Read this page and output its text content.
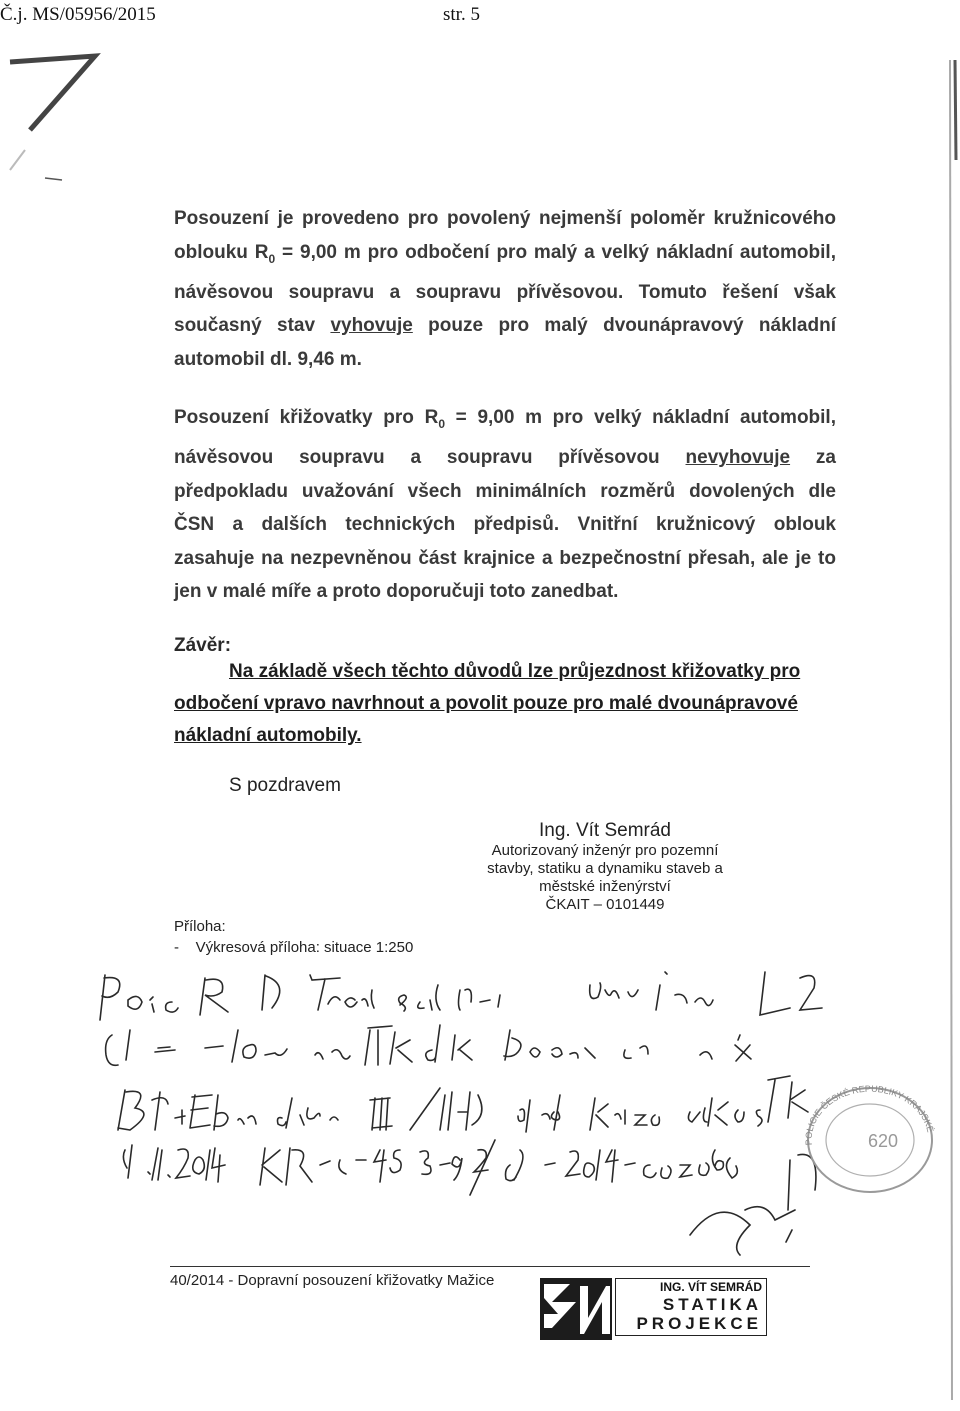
Č.j. MS/05956/2015	str. 5

Posouzení je provedeno pro povolený nejmenší poloměr kružnicového

oblouku $R_0 = 9,00$ m pro odbočení pro malý a velký nákladní automobil,

návěsovou soupravu a soupravu přívěsovou. Tomuto řešení však

současný stav vyhovuje pouze pro malý dvounápravový nákladní

automobil dl. 9,46 m.

Posouzení křižovatky pro $R_0 = 9,00$ m pro velký nákladní automobil,

návěsovou soupravu a soupravu přívěsovou nevyhovuje za

předpokladu uvažování všech minimálních rozměrů dovolených dle

ČSN a dalších technických předpisů. Vnitřní kružnicový oblouk

zasahuje na nezpevněnou část krajnice a bezpečnostní přesah, ale je to

jen v malé míře a proto doporučuji toto zanedbat.

Závěr:
Na základě všech těchto důvodů lze průjezdnost křižovatky pro odbočení vpravo navrhnout a povolit pouze pro malé dvounápravové nákladní automobily.
S pozdravem
Ing. Vít Semrád
Autorizovaný inženýr pro pozemní
stavby, statiku a dynamiku staveb a
městské inženýrství
ČKAIT – 0101449
Příloha:
-    Výkresová příloha: situace 1:250
620
POLICIE ČESKÉ REPUBLIKY KRAJSKÉ
40/2014 - Dopravní posouzení křižovatky Mažice	ING. VÍT SEMRÁD
STATIKA
PROJEKCE
